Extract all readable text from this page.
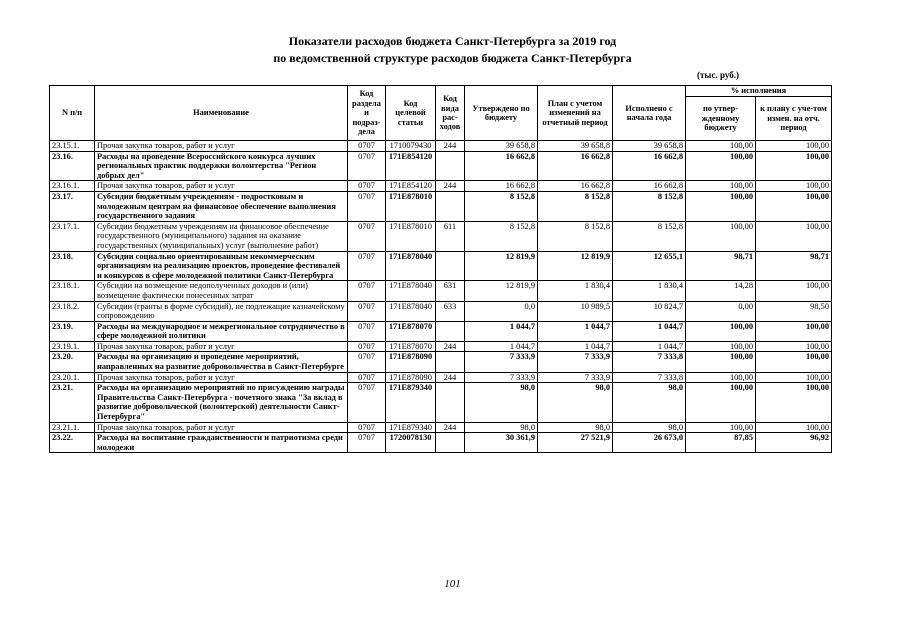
Показатели расходов бюджета Санкт-Петербурга за 2019 год
по ведомственной структуре расходов бюджета Санкт-Петербурга
(тыс. руб.)
N п/п	Наименование	Код раздела и подраз-дела	Код целевой статьи	Код вида рас-ходов	Утверждено по бюджету	План с учетом изменений на отчетный период	Исполнено с начала года	% исполнения	
								по утвер-жденному бюджету	к плану с уче-том измен. на отч. период
23.15.1.	Прочая закупка товаров, работ и услуг	0707	1710079430	244	39 658,8	39 658,8	39 658,8	100,00	100,00
23.16.	Расходы на проведение Всероссийского конкурса лучших региональных практик поддержки волонтерства "Регион добрых дел"	0707	171E854120		16 662,8	16 662,8	16 662,8	100,00	100,00
23.16.1.	Прочая закупка товаров, работ и услуг	0707	171E854120	244	16 662,8	16 662,8	16 662,8	100,00	100,00
23.17.	Субсидии бюджетным учреждениям - подростковым и молодежным центрам на финансовое обеспечение выполнения государственного задания	0707	171E878010		8 152,8	8 152,8	8 152,8	100,00	100,00
23.17.1.	Субсидии бюджетным учреждениям на финансовое обеспечение государственного (муниципального) задания на оказание государственных (муниципальных) услуг (выполнение работ)	0707	171E878010	611	8 152,8	8 152,8	8 152,8	100,00	100,00
23.18.	Субсидии социально ориентированным некоммерческим организациям на реализацию проектов, проведение фестивалей и конкурсов в сфере молодежной политики Санкт-Петербурга	0707	171E878040		12 819,9	12 819,9	12 655,1	98,71	98,71
23.18.1.	Субсидии на возмещение недополученных доходов и (или) возмещение фактически понесенных затрат	0707	171E878040	631	12 819,9	1 830,4	1 830,4	14,28	100,00
23.18.2.	Субсидии (гранты в форме субсидий), не подлежащие казначейскому сопровождению	0707	171E878040	633	0,0	10 989,5	10 824,7	0,00	98,50
23.19.	Расходы на международное и межрегиональное сотрудничество в сфере молодежной политики	0707	171E878070		1 044,7	1 044,7	1 044,7	100,00	100,00
23.19.1.	Прочая закупка товаров, работ и услуг	0707	171E878070	244	1 044,7	1 044,7	1 044,7	100,00	100,00
23.20.	Расходы на организацию и проведение мероприятий, направленных на развитие добровольчества в Санкт-Петербурге	0707	171E878090		7 333,9	7 333,9	7 333,8	100,00	100,00
23.20.1.	Прочая закупка товаров, работ и услуг	0707	171E878090	244	7 333,9	7 333,9	7 333,8	100,00	100,00
23.21.	Расходы на организацию мероприятий по присуждению награды Правительства Санкт-Петербурга - почетного знака "За вклад в развитие добровольческой (волонтерской) деятельности Санкт-Петербурга"	0707	171E879340		98,0	98,0	98,0	100,00	100,00
23.21.1.	Прочая закупка товаров, работ и услуг	0707	171E879340	244	98,0	98,0	98,0	100,00	100,00
23.22.	Расходы на воспитание гражданственности и патриотизма среди молодежи	0707	1720078130		30 361,9	27 521,9	26 673,0	87,85	96,92
101
